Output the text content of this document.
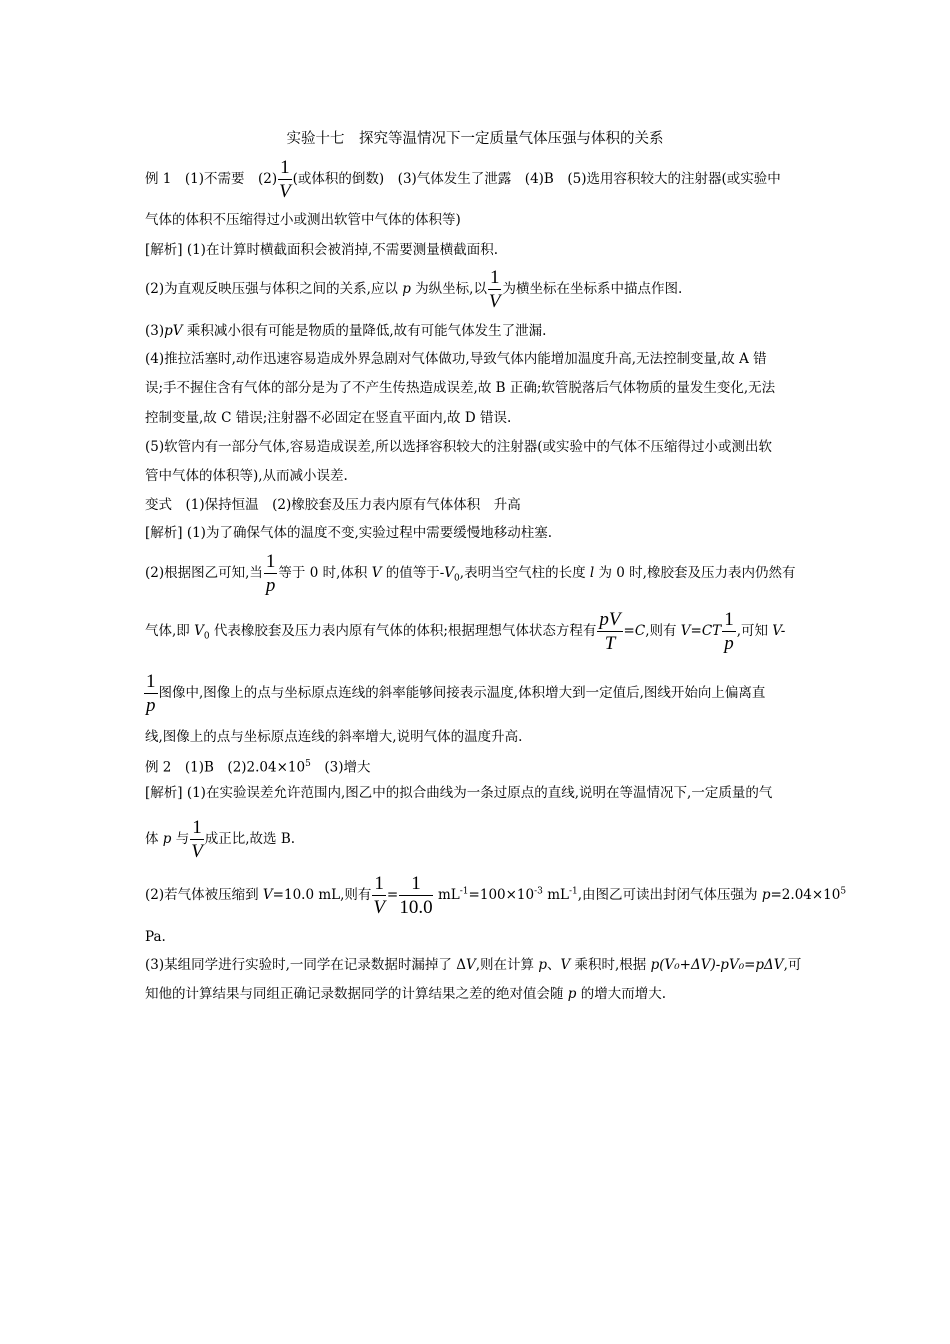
实验十七　探究等温情况下一定质量气体压强与体积的关系
例 1　(1)不需要　$(2) \frac{1}{V}$ (或体积的倒数)　(3)气体发生了泄露　(4)B　(5)选用容积较大的注射器(或实验中
气体的体积不压缩得过小或测出软管中气体的体积等)
[解析] (1)在计算时横截面积会被消掉,不需要测量横截面积.
(2)为直观反映压强与体积之间的关系,应以 p 为纵坐标,以 $\frac{1}{V}$ 为横坐标在坐标系中描点作图.
(3)pV 乘积减小很有可能是物质的量降低,故有可能气体发生了泄漏.
(4)推拉活塞时,动作迅速容易造成外界急剧对气体做功,导致气体内能增加温度升高,无法控制变量,故 A 错
误;手不握住含有气体的部分是为了不产生传热造成误差,故 B 正确;软管脱落后气体物质的量发生变化,无法
控制变量,故 C 错误;注射器不必固定在竖直平面内,故 D 错误.
(5)软管内有一部分气体,容易造成误差,所以选择容积较大的注射器(或实验中的气体不压缩得过小或测出软
管中气体的体积等),从而减小误差.
变式　(1)保持恒温　(2)橡胶套及压力表内原有气体体积　升高
[解析] (1)为了确保气体的温度不变,实验过程中需要缓慢地移动柱塞.
(2)根据图乙可知,当 $\frac{1}{p}$ 等于 0 时,体积 V 的值等于$-V_0$,表明当空气柱的长度 l 为 0 时,橡胶套及压力表内仍然有
气体,即 $V_0$ 代表橡胶套及压力表内原有气体的体积;根据理想气体状态方程有 $\frac{pV}{T} =C$,则有 $V=CT \frac{1}{p}$ ,可知 V-
$\frac{1}{p}$ 图像中,图像上的点与坐标原点连线的斜率能够间接表示温度,体积增大到一定值后,图线开始向上偏离直
线,图像上的点与坐标原点连线的斜率增大,说明气体的温度升高.
例 2　(1)B　$(2)2.04\times 10^5$　(3)增大
[解析] (1)在实验误差允许范围内,图乙中的拟合曲线为一条过原点的直线,说明在等温情况下,一定质量的气
体 p 与 $\frac{1}{V}$ 成正比,故选 B.
(2)若气体被压缩到 V=10.0 mL,则有 $\frac{1}{V} = \frac{1}{10.0} mL^{-1}=100\times 10^{-3}$ $mL^{-1}$,由图乙可读出封闭气体压强为 $p=2.04\times 10^5$
Pa.
(3)某组同学进行实验时,一同学在记录数据时漏掉了 ΔV,则在计算 p、V 乘积时,根据 p(V₀+ΔV)-pV₀=pΔV,可
知他的计算结果与同组正确记录数据同学的计算结果之差的绝对值会随 p 的增大而增大.
